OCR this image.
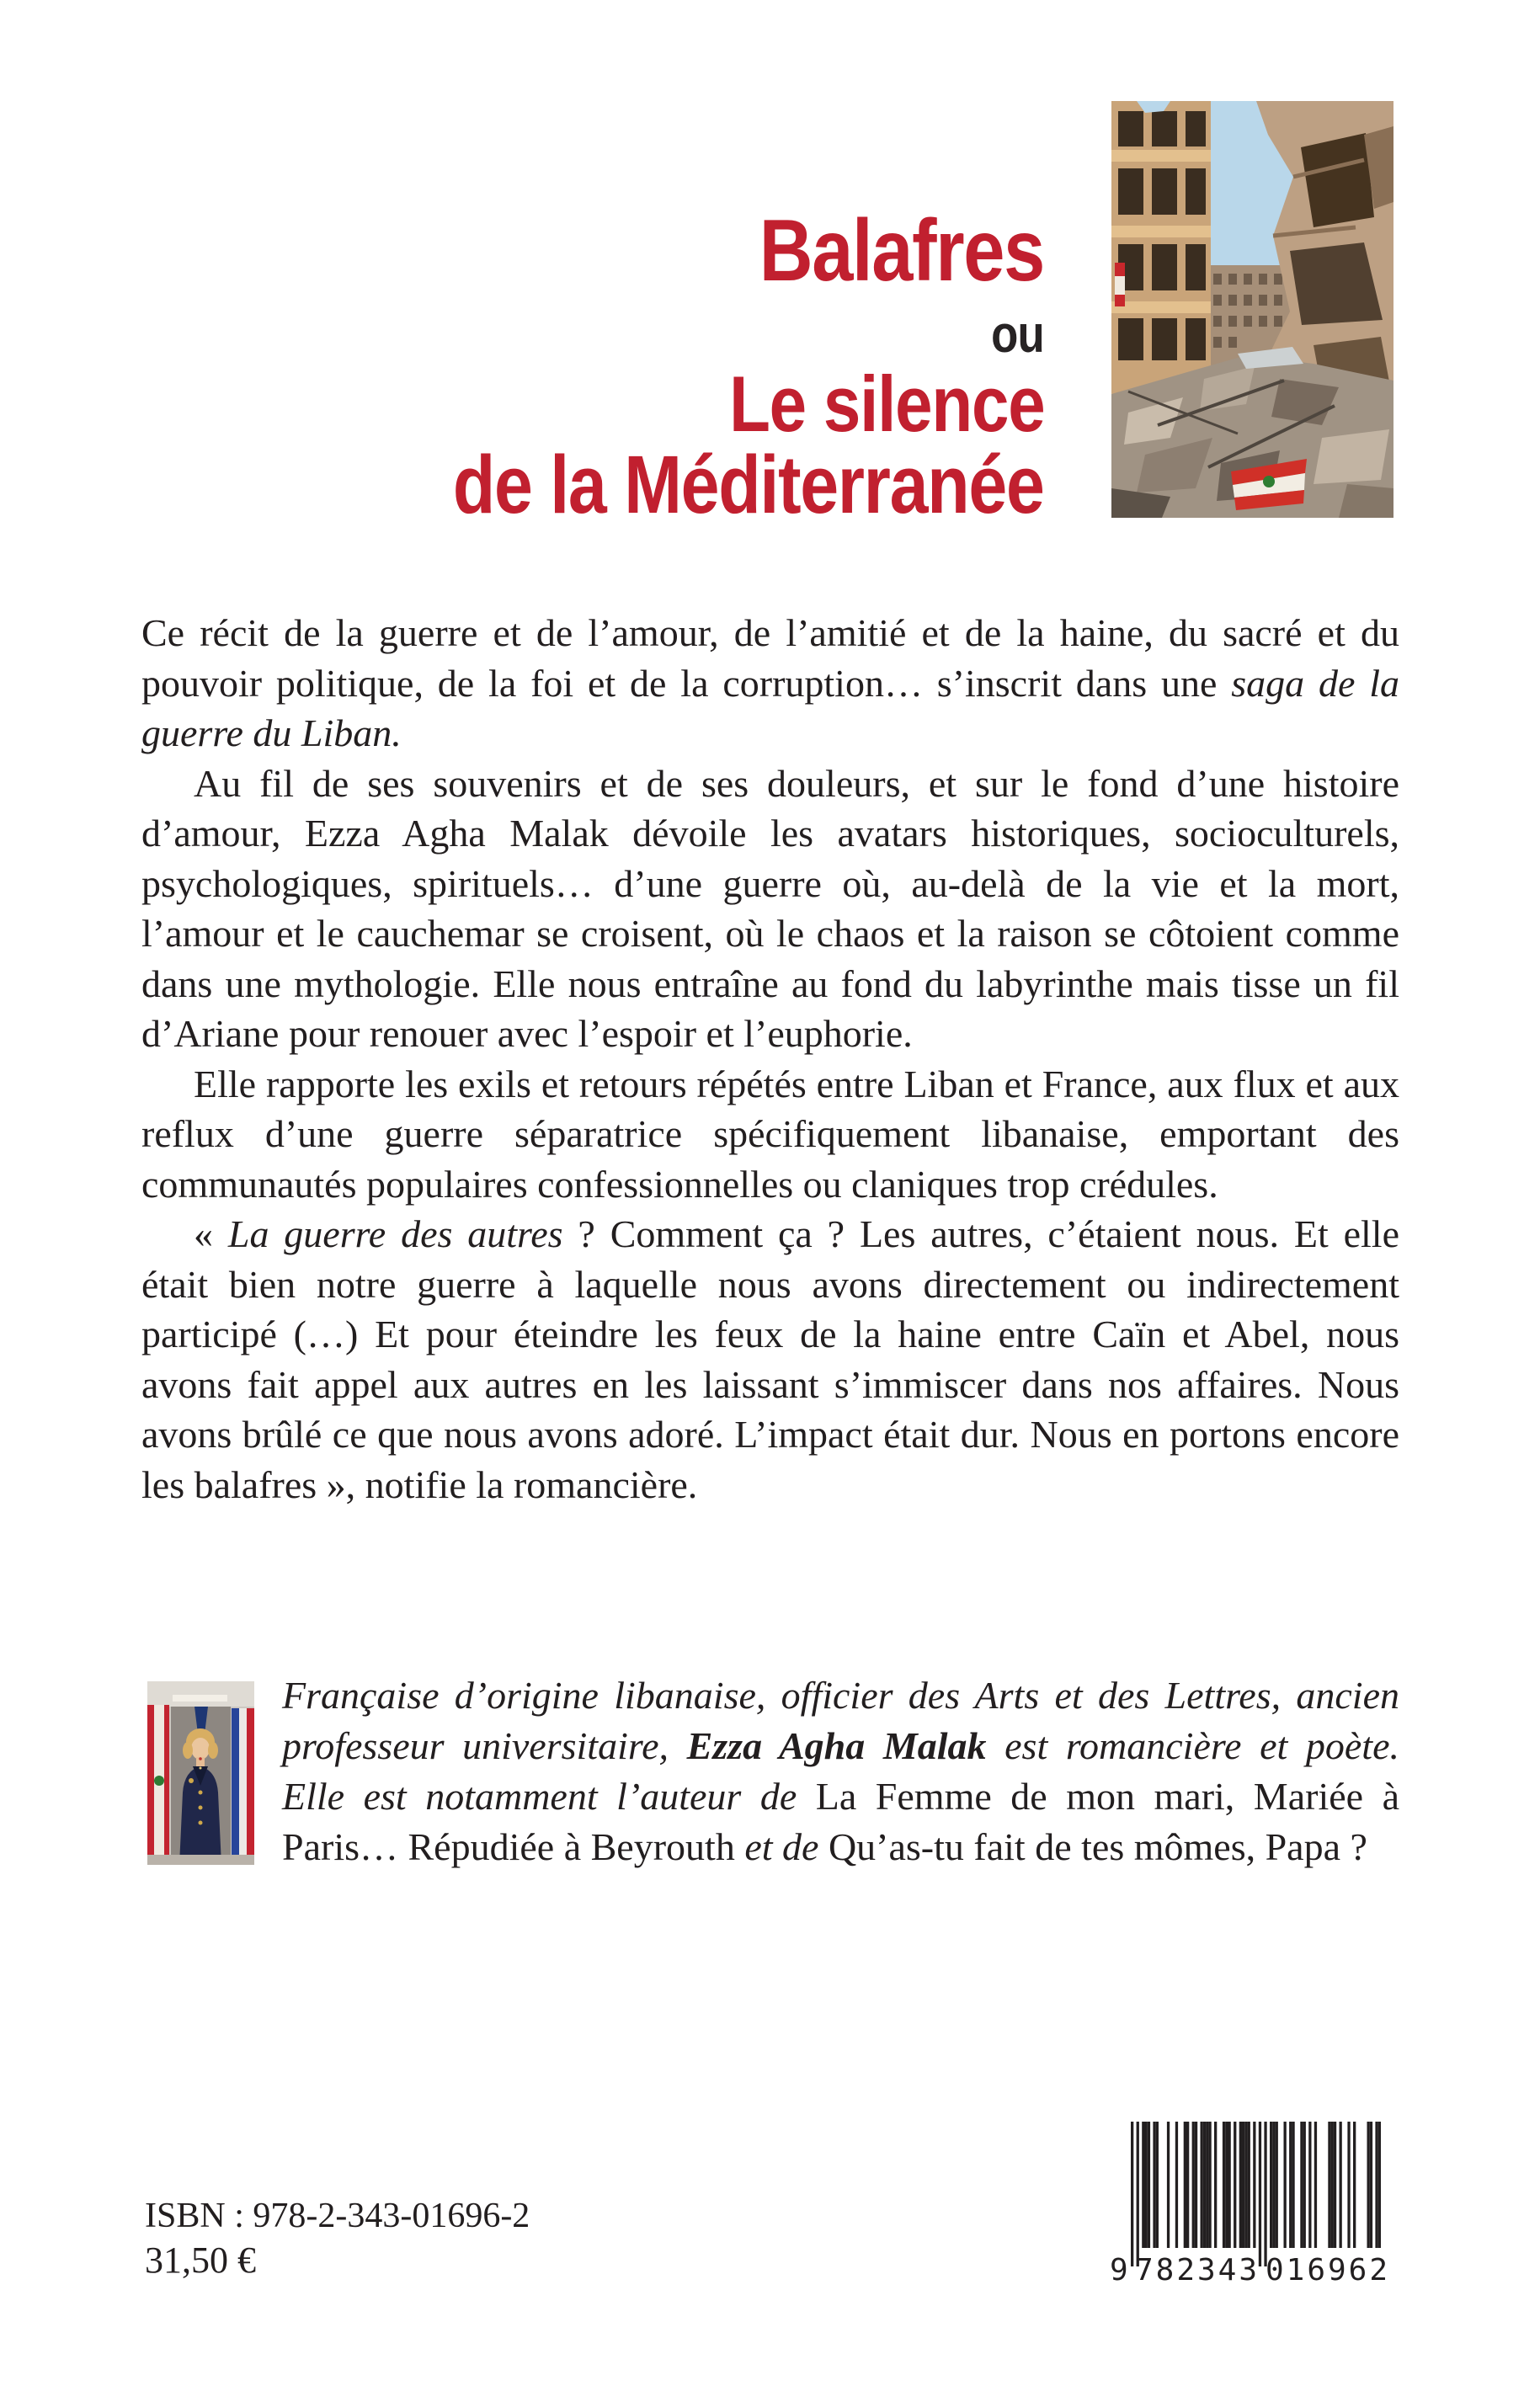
Balafres
ou
Le silence
de la Méditerranée

Ce récit de la guerre et de l’amour, de l’amitié et de la haine, du sacré et du pouvoir politique, de la foi et de la corruption… s’inscrit dans une saga de la guerre du Liban.

Au fil de ses souvenirs et de ses douleurs, et sur le fond d’une histoire d’amour, Ezza Agha Malak dévoile les avatars historiques, socioculturels, psychologiques, spirituels… d’une guerre où, au-delà de la vie et la mort, l’amour et le cauchemar se croisent, où le chaos et la raison se côtoient comme dans une mythologie. Elle nous entraîne au fond du labyrinthe mais tisse un fil d’Ariane pour renouer avec l’espoir et l’euphorie.

Elle rapporte les exils et retours répétés entre Liban et France, aux flux et aux reflux d’une guerre séparatrice spécifiquement libanaise, emportant des communautés populaires confessionnelles ou claniques trop crédules.

« La guerre des autres ? Comment ça ? Les autres, c’étaient nous. Et elle était bien notre guerre à laquelle nous avons directement ou indirectement participé (…) Et pour éteindre les feux de la haine entre Caïn et Abel, nous avons fait appel aux autres en les laissant s’immiscer dans nos affaires. Nous avons brûlé ce que nous avons adoré. L’impact était dur. Nous en portons encore les balafres », notifie la romancière.

Française d’origine libanaise, officier des Arts et des Lettres, ancien professeur universitaire, Ezza Agha Malak est romancière et poète. Elle est notamment l’auteur de La Femme de mon mari, Mariée à Paris… Répudiée à Beyrouth et de Qu’as-tu fait de tes mômes, Papa ?
ISBN : 978-2-343-01696-2
31,50 €	9 782343 016962
